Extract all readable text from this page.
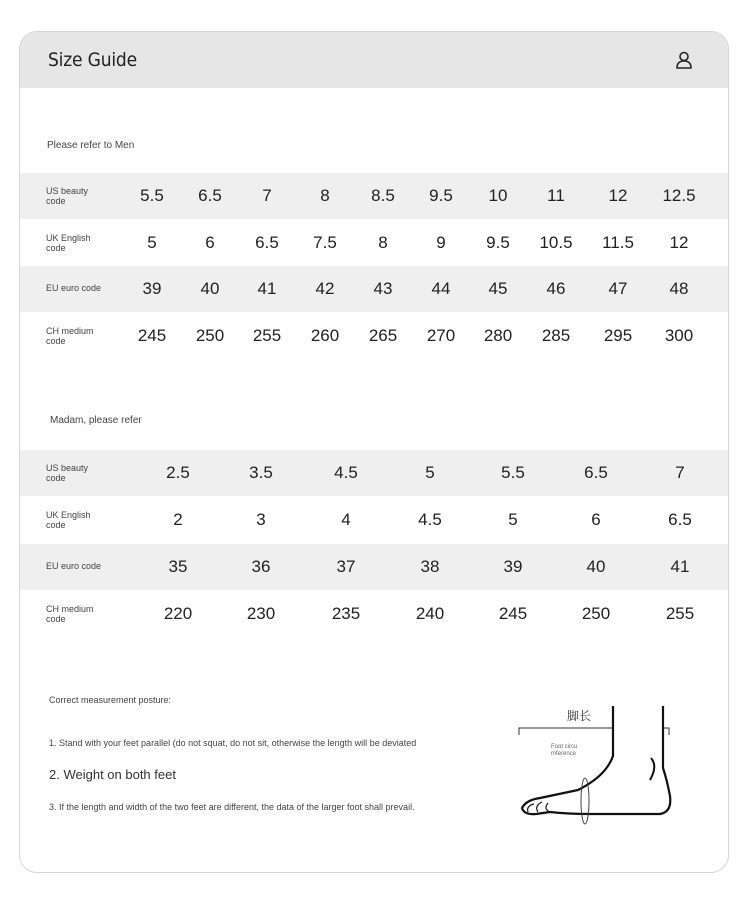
Size Guide
Please refer to Men
US beauty
code	5.5 6.5 7	8 8.5 9.5 10 11	12 12.5
UK English
code	5	6 6.5 7.5 8	9 9.5 10.5 11.5 12
EU euro code	39 40 41 42 43 44 45 46	47 48
CH medium
code	245 250 255 260 265 270 280 285 295 300
Madam, please refer
US beauty
code	2.5	3.5	4.5	5	5.5	6.5	7
UK English
code	2	3	4	4.5	5	6	6.5
EU euro code	35	36	37	38	39	40	41
CH medium
code	220	230	235	240	245	250	255
Correct measurement posture:
1. Stand with your feet parallel (do not squat, do not sit, otherwise the length will be deviated
2. Weight on both feet
3. If the length and width of the two feet are different, the data of the larger foot shall prevail.
脚长
Foot circu
mference
